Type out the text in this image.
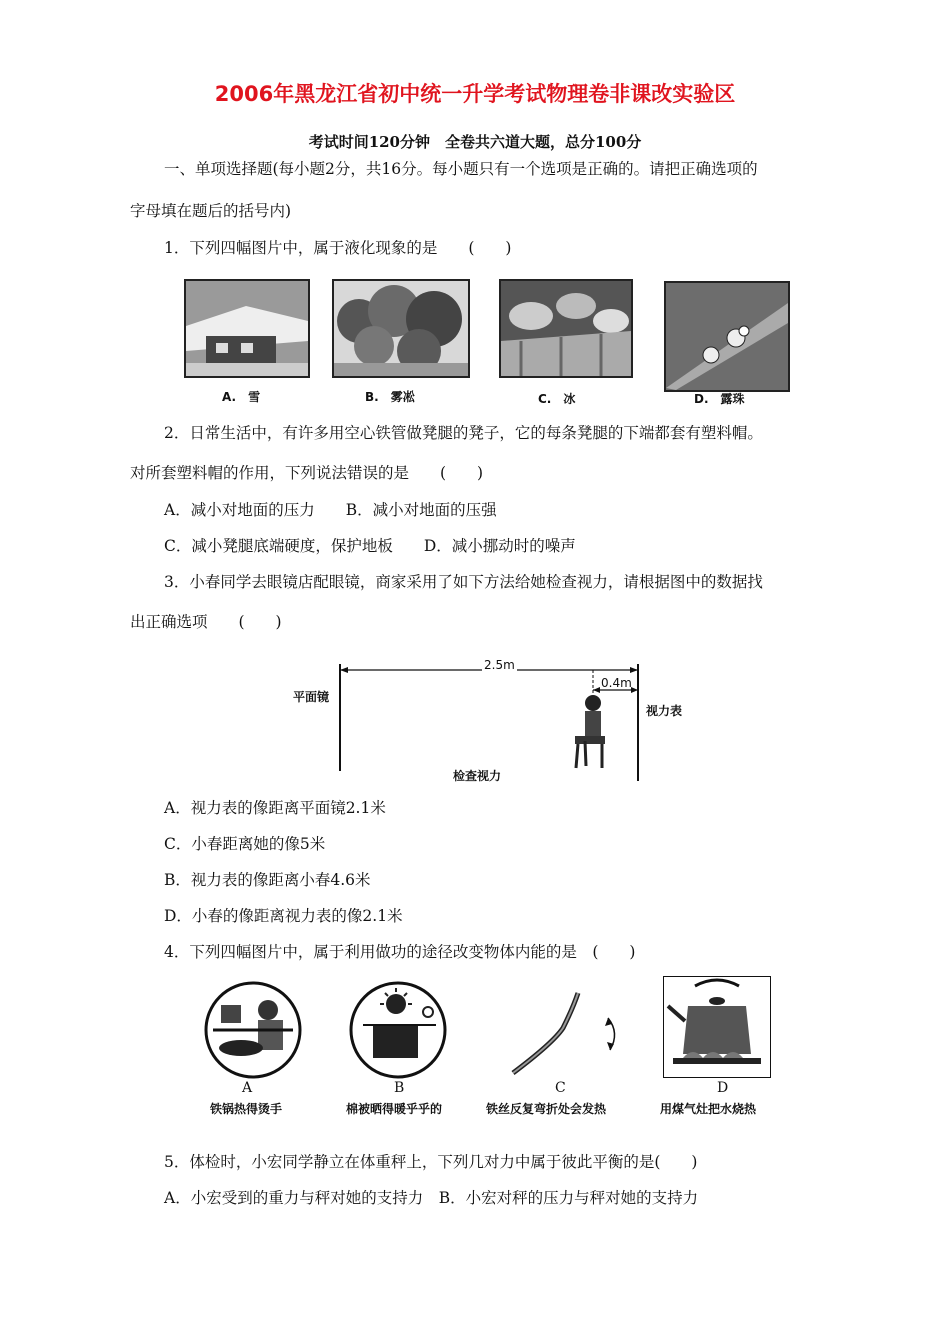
2006年黑龙江省初中统一升学考试物理卷非课改实验区
考试时间120分钟　全卷共六道大题，总分100分
一、单项选择题(每小题2分，共16分。每小题只有一个选项是正确的。请把正确选项的
字母填在题后的括号内)
1．下列四幅图片中，属于液化现象的是　　(　　)
A.　雪	B.　雾凇	C.　冰	D.　露珠
2．日常生活中，有许多用空心铁管做凳腿的凳子，它的每条凳腿的下端都套有塑料帽。
对所套塑料帽的作用，下列说法错误的是　　(　　)
A．减小对地面的压力　　B．减小对地面的压强
C．减小凳腿底端硬度，保护地板　　D．减小挪动时的噪声
3．小春同学去眼镜店配眼镜，商家采用了如下方法给她检查视力，请根据图中的数据找
出正确选项　　(　　)
平面镜
视力表
2.5m
0.4m
检查视力
A．视力表的像距离平面镜2.1米
C．小春距离她的像5米
B．视力表的像距离小春4.6米
D．小春的像距离视力表的像2.1米
4．下列四幅图片中，属于利用做功的途径改变物体内能的是　(　　)
A	B	C	D
铁锅热得烫手	棉被晒得暖乎乎的	铁丝反复弯折处会发热	用煤气灶把水烧热
5．体检时，小宏同学静立在体重秤上，下列几对力中属于彼此平衡的是(　　)
A．小宏受到的重力与秤对她的支持力　B．小宏对秤的压力与秤对她的支持力
